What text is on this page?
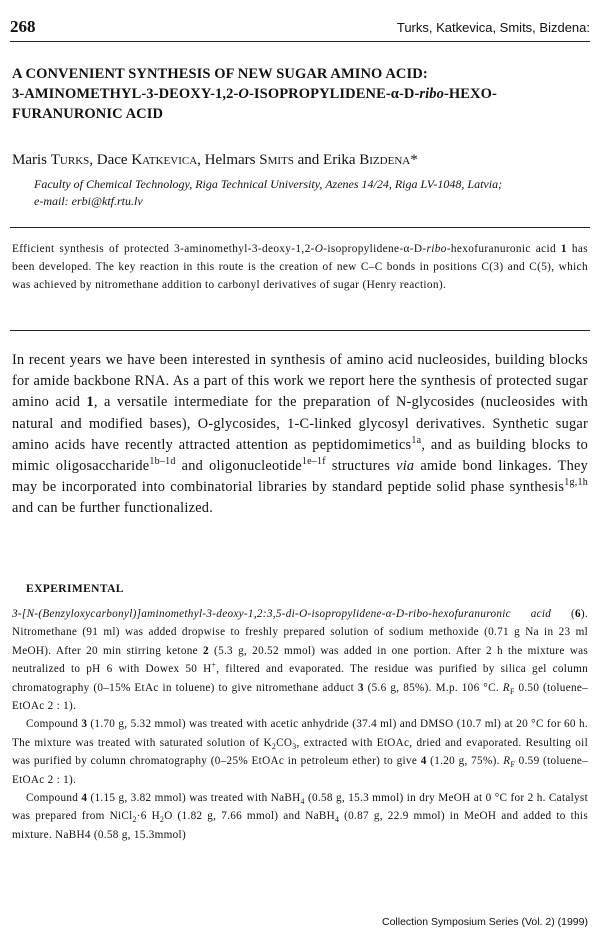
268	Turks, Katkevica, Smits, Bizdena:
A CONVENIENT SYNTHESIS OF NEW SUGAR AMINO ACID:
3-AMINOMETHYL-3-DEOXY-1,2-O-ISOPROPYLIDENE-α-D-ribo-HEXO-
FURANURONIC ACID
Maris Turks, Dace Katkevica, Helmars Smits and Erika Bizdena*
Faculty of Chemical Technology, Riga Technical University, Azenes 14/24, Riga LV-1048, Latvia;
e-mail: erbi@ktf.rtu.lv
Efficient synthesis of protected 3-aminomethyl-3-deoxy-1,2-O-isopropylidene-α-D-ribo-hexofuranuronic acid 1 has been developed. The key reaction in this route is the creation of new C–C bonds in positions C(3) and C(5), which was achieved by nitromethane addition to carbonyl derivatives of sugar (Henry reaction).
In recent years we have been interested in synthesis of amino acid nucleosides, building blocks for amide backbone RNA. As a part of this work we report here the synthesis of protected sugar amino acid 1, a versatile intermediate for the preparation of N-glycosides (nucleosides with natural and modified bases), O-glycosides, 1-C-linked glycosyl derivatives. Synthetic sugar amino acids have recently attracted attention as peptidomimetics$^{1a}$, and as building blocks to mimic oligosaccharide$^{1b-1d}$ and oligonucleotide$^{1e-1f}$ structures via amide bond linkages. They may be incorporated into combinatorial libraries by standard peptide solid phase synthesis$^{1g,1h}$ and can be further functionalized.
EXPERIMENTAL

3-[N-(Benzyloxycarbonyl)]aminomethyl-3-deoxy-1,2:3,5-di-O-isopropylidene-α-D-ribo-hexofuranuronic acid (6). Nitromethane (91 ml) was added dropwise to freshly prepared solution of sodium methoxide (0.71 g Na in 23 ml MeOH). After 20 min stirring ketone 2 (5.3 g, 20.52 mmol) was added in one portion. After 2 h the mixture was neutralized to pH 6 with Dowex 50 H+, filtered and evaporated. The residue was purified by silica gel column chromatography (0–15% EtAc in toluene) to give nitromethane adduct 3 (5.6 g, 85%). M.p. 106 °C. $R_F$ 0.50 (toluene–EtOAc 2 : 1).

Compound 3 (1.70 g, 5.32 mmol) was treated with acetic anhydride (37.4 ml) and DMSO (10.7 ml) at 20 °C for 60 h. The mixture was treated with saturated solution of $K_2CO_3$, extracted with EtOAc, dried and evaporated. Resulting oil was purified by column chromatography (0–25% EtOAc in petroleum ether) to give 4 (1.20 g, 75%). $R_F$ 0.59 (toluene–EtOAc 2 : 1).

Compound 4 (1.15 g, 3.82 mmol) was treated with NaBH$_4$ (0.58 g, 15.3 mmol) in dry MeOH at 0 °C for 2 h. Catalyst was prepared from NiCl$_2$·6 $H_2O$ (1.82 g, 7.66 mmol) and NaBH$_4$ (0.87 g, 22.9 mmol) in MeOH and added to this mixture. NaBH4 (0.58 g, 15.3mmol)

Collection Symposium Series (Vol. 2) (1999)
